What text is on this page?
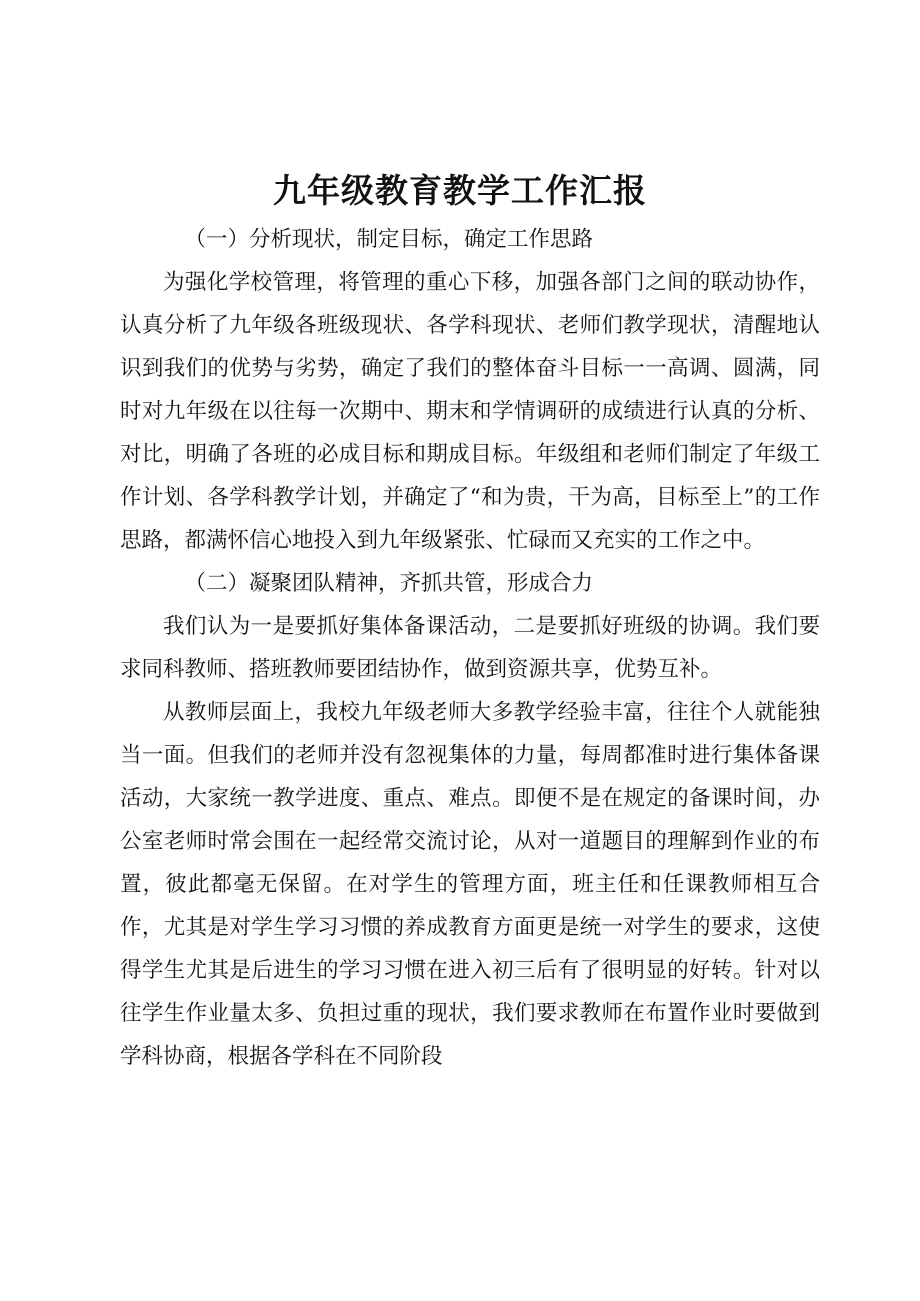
九年级教育教学工作汇报

（一）分析现状，制定目标，确定工作思路

为强化学校管理，将管理的重心下移，加强各部门之间的联动协作，认真分析了九年级各班级现状、各学科现状、老师们教学现状，清醒地认识到我们的优势与劣势，确定了我们的整体奋斗目标一一高调、圆满，同时对九年级在以往每一次期中、期末和学情调研的成绩进行认真的分析、对比，明确了各班的必成目标和期成目标。年级组和老师们制定了年级工作计划、各学科教学计划，并确定了“和为贵，干为高，目标至上”的工作思路，都满怀信心地投入到九年级紧张、忙碌而又充实的工作之中。

（二）凝聚团队精神，齐抓共管，形成合力

我们认为一是要抓好集体备课活动，二是要抓好班级的协调。我们要求同科教师、搭班教师要团结协作，做到资源共享，优势互补。

从教师层面上，我校九年级老师大多教学经验丰富，往往个人就能独当一面。但我们的老师并没有忽视集体的力量，每周都准时进行集体备课活动，大家统一教学进度、重点、难点。即便不是在规定的备课时间，办公室老师时常会围在一起经常交流讨论，从对一道题目的理解到作业的布置，彼此都毫无保留。在对学生的管理方面，班主任和任课教师相互合作，尤其是对学生学习习惯的养成教育方面更是统一对学生的要求，这使得学生尤其是后进生的学习习惯在进入初三后有了很明显的好转。针对以往学生作业量太多、负担过重的现状，我们要求教师在布置作业时要做到学科协商，根据各学科在不同阶段
